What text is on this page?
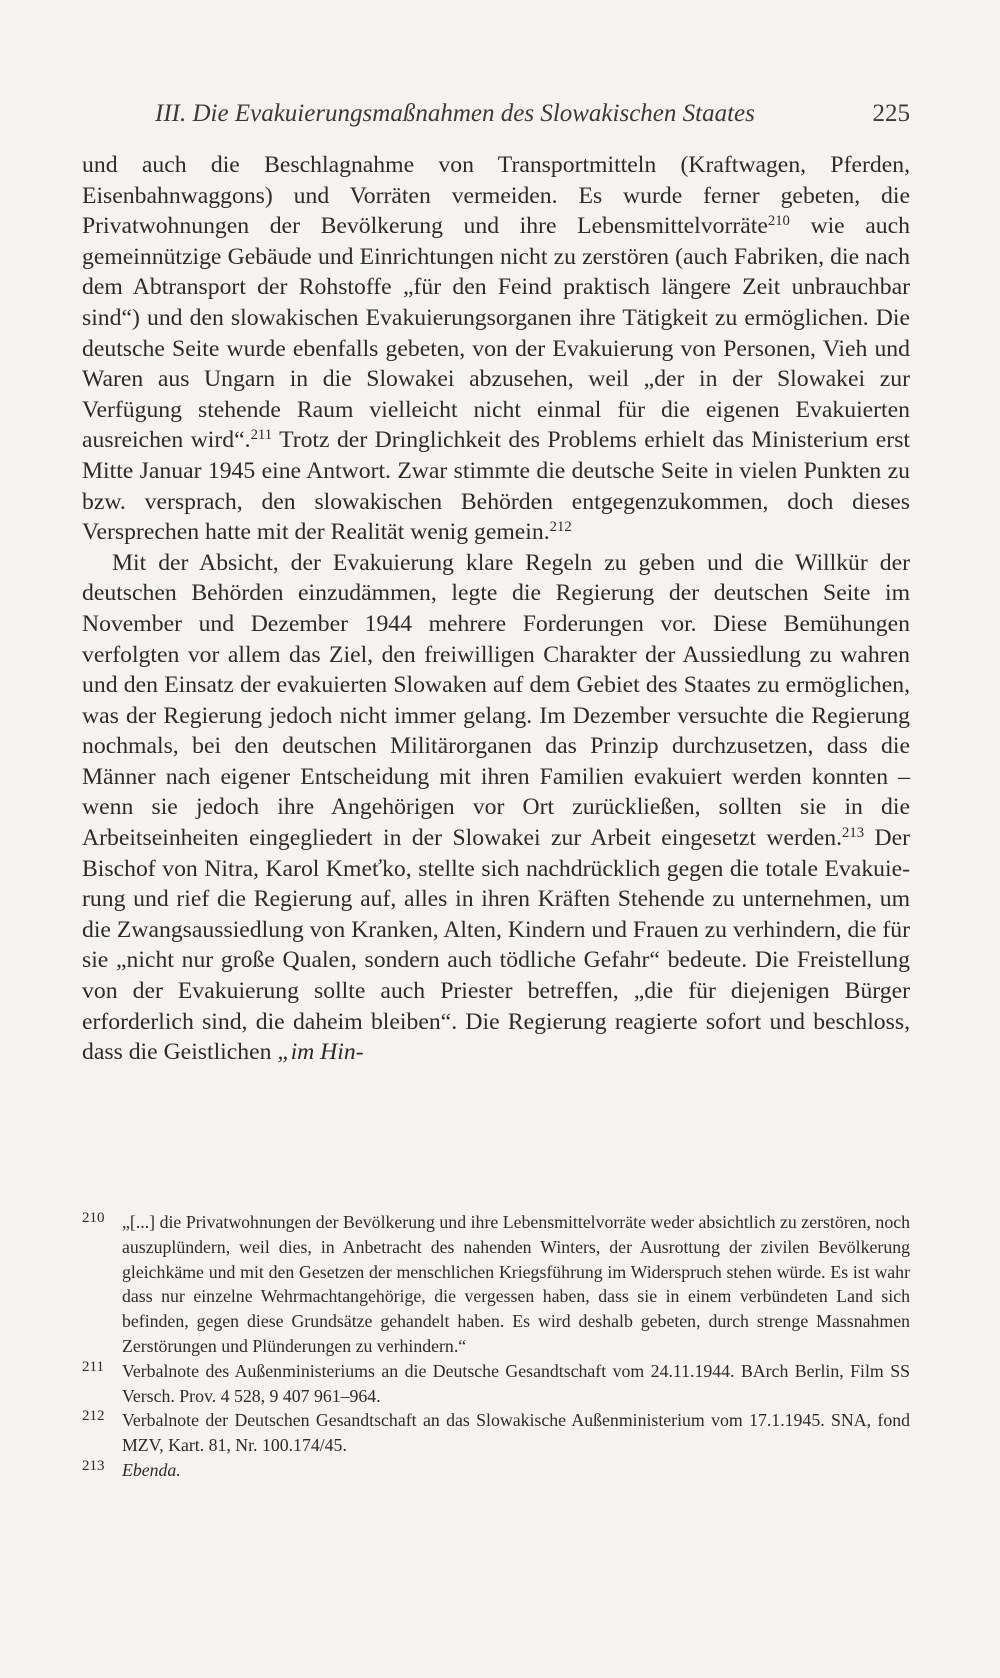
III. Die Evakuierungsmaßnahmen des Slowakischen Staates	225

und auch die Beschlagnahme von Transportmitteln (Kraftwagen, Pferden, Eisenbahnwaggons) und Vorräten vermeiden. Es wurde ferner gebeten, die Privatwohnungen der Bevölkerung und ihre Lebensmittelvorräte$^{210}$ wie auch gemeinnützige Gebäude und Einrichtungen nicht zu zerstören (auch Fabriken, die nach dem Abtransport der Rohstoffe „für den Feind praktisch längere Zeit unbrauchbar sind“) und den slowakischen Evakuierungsorganen ihre Tätigkeit zu ermöglichen. Die deutsche Seite wurde ebenfalls gebeten, von der Evakuierung von Personen, Vieh und Waren aus Ungarn in die Slowakei abzusehen, weil „der in der Slowakei zur Verfügung stehende Raum vielleicht nicht einmal für die eigenen Evakuierten ausreichen wird“.$^{211}$ Trotz der Dringlichkeit des Problems erhielt das Ministerium erst Mitte Januar 1945 eine Antwort. Zwar stimmte die deutsche Seite in vielen Punkten zu bzw. versprach, den slowakischen Behörden entgegenzukommen, doch dieses Versprechen hatte mit der Realität wenig gemein.$^{212}$

Mit der Absicht, der Evakuierung klare Regeln zu geben und die Willkür der deutschen Behörden einzudämmen, legte die Regierung der deutschen Seite im November und Dezember 1944 mehrere Forderungen vor. Diese Bemühungen verfolgten vor allem das Ziel, den freiwilligen Charakter der Aussiedlung zu wahren und den Einsatz der evakuierten Slowaken auf dem Gebiet des Staates zu ermöglichen, was der Regierung jedoch nicht immer gelang. Im Dezember versuchte die Regierung nochmals, bei den deutschen Militärorganen das Prinzip durchzusetzen, dass die Männer nach eigener Entscheidung mit ihren Familien evakuiert werden konnten – wenn sie jedoch ihre Angehörigen vor Ort zurückließen, sollten sie in die Arbeitseinheiten eingegliedert in der Slowakei zur Arbeit eingesetzt werden.$^{213}$ Der Bischof von Nitra, Karol Kmeťko, stellte sich nachdrücklich gegen die totale Evakuierung und rief die Regierung auf, alles in ihren Kräften Stehende zu unternehmen, um die Zwangsaussiedlung von Kranken, Alten, Kindern und Frauen zu verhindern, die für sie „nicht nur große Qualen, sondern auch tödliche Gefahr“ bedeute. Die Freistellung von der Evakuierung sollte auch Priester betreffen, „die für diejenigen Bürger erforderlich sind, die daheim bleiben“. Die Regierung reagierte sofort und beschloss, dass die Geistlichen „im Hin-

210 „[...] die Privatwohnungen der Bevölkerung und ihre Lebensmittelvorräte weder absichtlich zu zerstören, noch auszuplündern, weil dies, in Anbetracht des nahenden Winters, der Ausrottung der zivilen Bevölkerung gleichkäme und mit den Gesetzen der menschlichen Kriegsführung im Widerspruch stehen würde. Es ist wahr dass nur einzelne Wehrmachtangehörige, die vergessen haben, dass sie in einem verbündeten Land sich befinden, gegen diese Grundsätze gehandelt haben. Es wird deshalb gebeten, durch strenge Massnahmen Zerstörungen und Plünderungen zu verhindern.“

211 Verbalnote des Außenministeriums an die Deutsche Gesandtschaft vom 24.11.1944. BArch Berlin, Film SS Versch. Prov. 4 528, 9 407 961–964.

212 Verbalnote der Deutschen Gesandtschaft an das Slowakische Außenministerium vom 17.1.1945. SNA, fond MZV, Kart. 81, Nr. 100.174/45.

213 Ebenda.
